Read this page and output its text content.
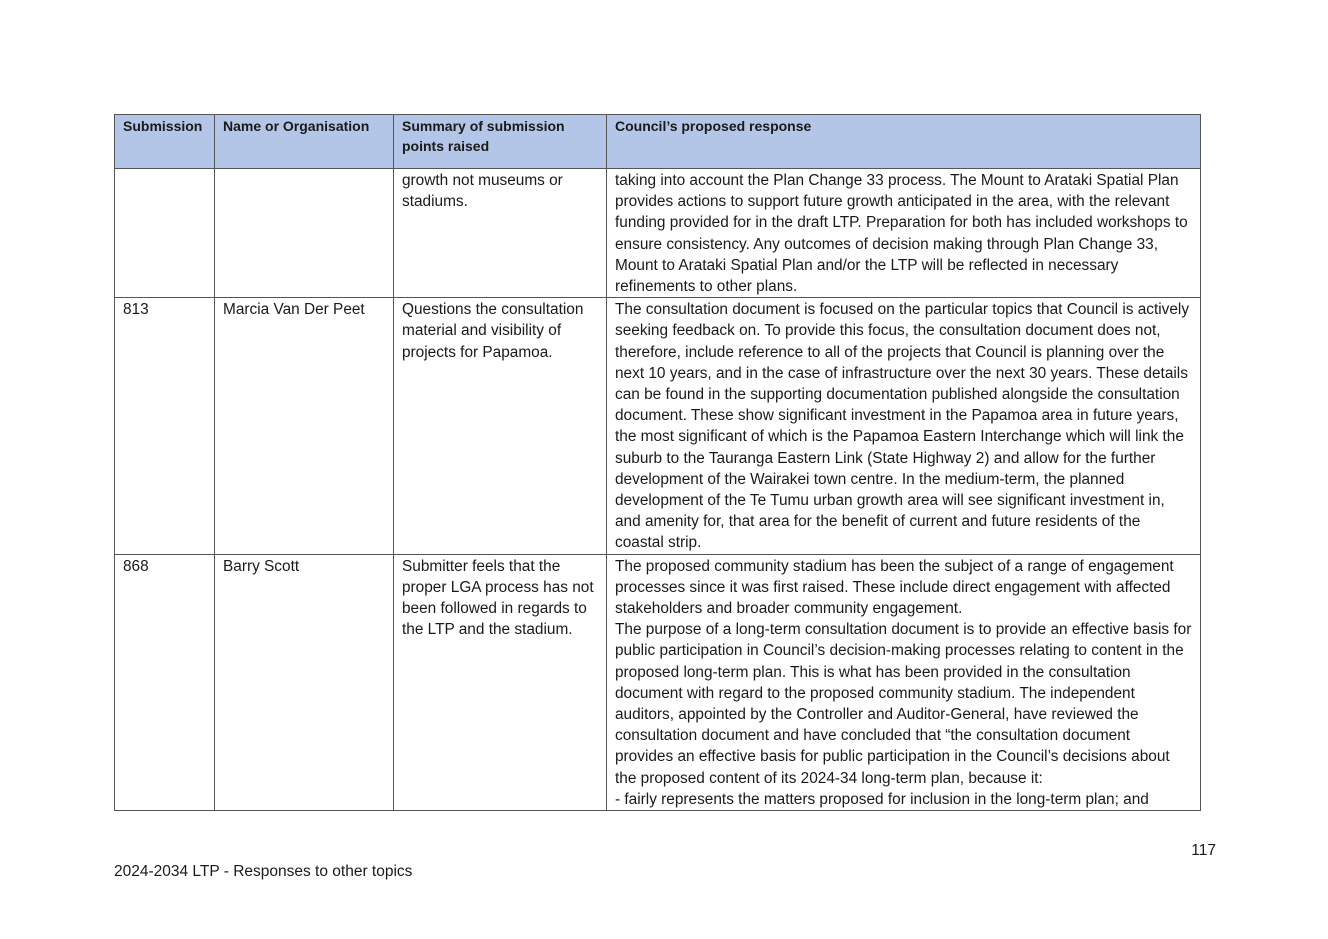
Submission	Name or Organisation	Summary of submission points raised	Council’s proposed response
		growth not museums or stadiums.	taking into account the Plan Change 33 process. The Mount to Arataki Spatial Plan provides actions to support future growth anticipated in the area, with the relevant funding provided for in the draft LTP. Preparation for both has included workshops to ensure consistency. Any outcomes of decision making through Plan Change 33, Mount to Arataki Spatial Plan and/or the LTP will be reflected in necessary refinements to other plans.
813	Marcia Van Der Peet	Questions the consultation material and visibility of projects for Papamoa.	The consultation document is focused on the particular topics that Council is actively seeking feedback on. To provide this focus, the consultation document does not, therefore, include reference to all of the projects that Council is planning over the next 10 years, and in the case of infrastructure over the next 30 years. These details can be found in the supporting documentation published alongside the consultation document. These show significant investment in the Papamoa area in future years, the most significant of which is the Papamoa Eastern Interchange which will link the suburb to the Tauranga Eastern Link (State Highway 2) and allow for the further development of the Wairakei town centre. In the medium-term, the planned development of the Te Tumu urban growth area will see significant investment in, and amenity for, that area for the benefit of current and future residents of the coastal strip.
868	Barry Scott	Submitter feels that the proper LGA process has not been followed in regards to the LTP and the stadium.	The proposed community stadium has been the subject of a range of engagement processes since it was first raised. These include direct engagement with affected stakeholders and broader community engagement.
The purpose of a long-term consultation document is to provide an effective basis for public participation in Council’s decision-making processes relating to content in the proposed long-term plan. This is what has been provided in the consultation document with regard to the proposed community stadium. The independent auditors, appointed by the Controller and Auditor-General, have reviewed the consultation document and have concluded that “the consultation document provides an effective basis for public participation in the Council’s decisions about the proposed content of its 2024-34 long-term plan, because it:
- fairly represents the matters proposed for inclusion in the long-term plan; and
117
2024-2034 LTP - Responses to other topics
